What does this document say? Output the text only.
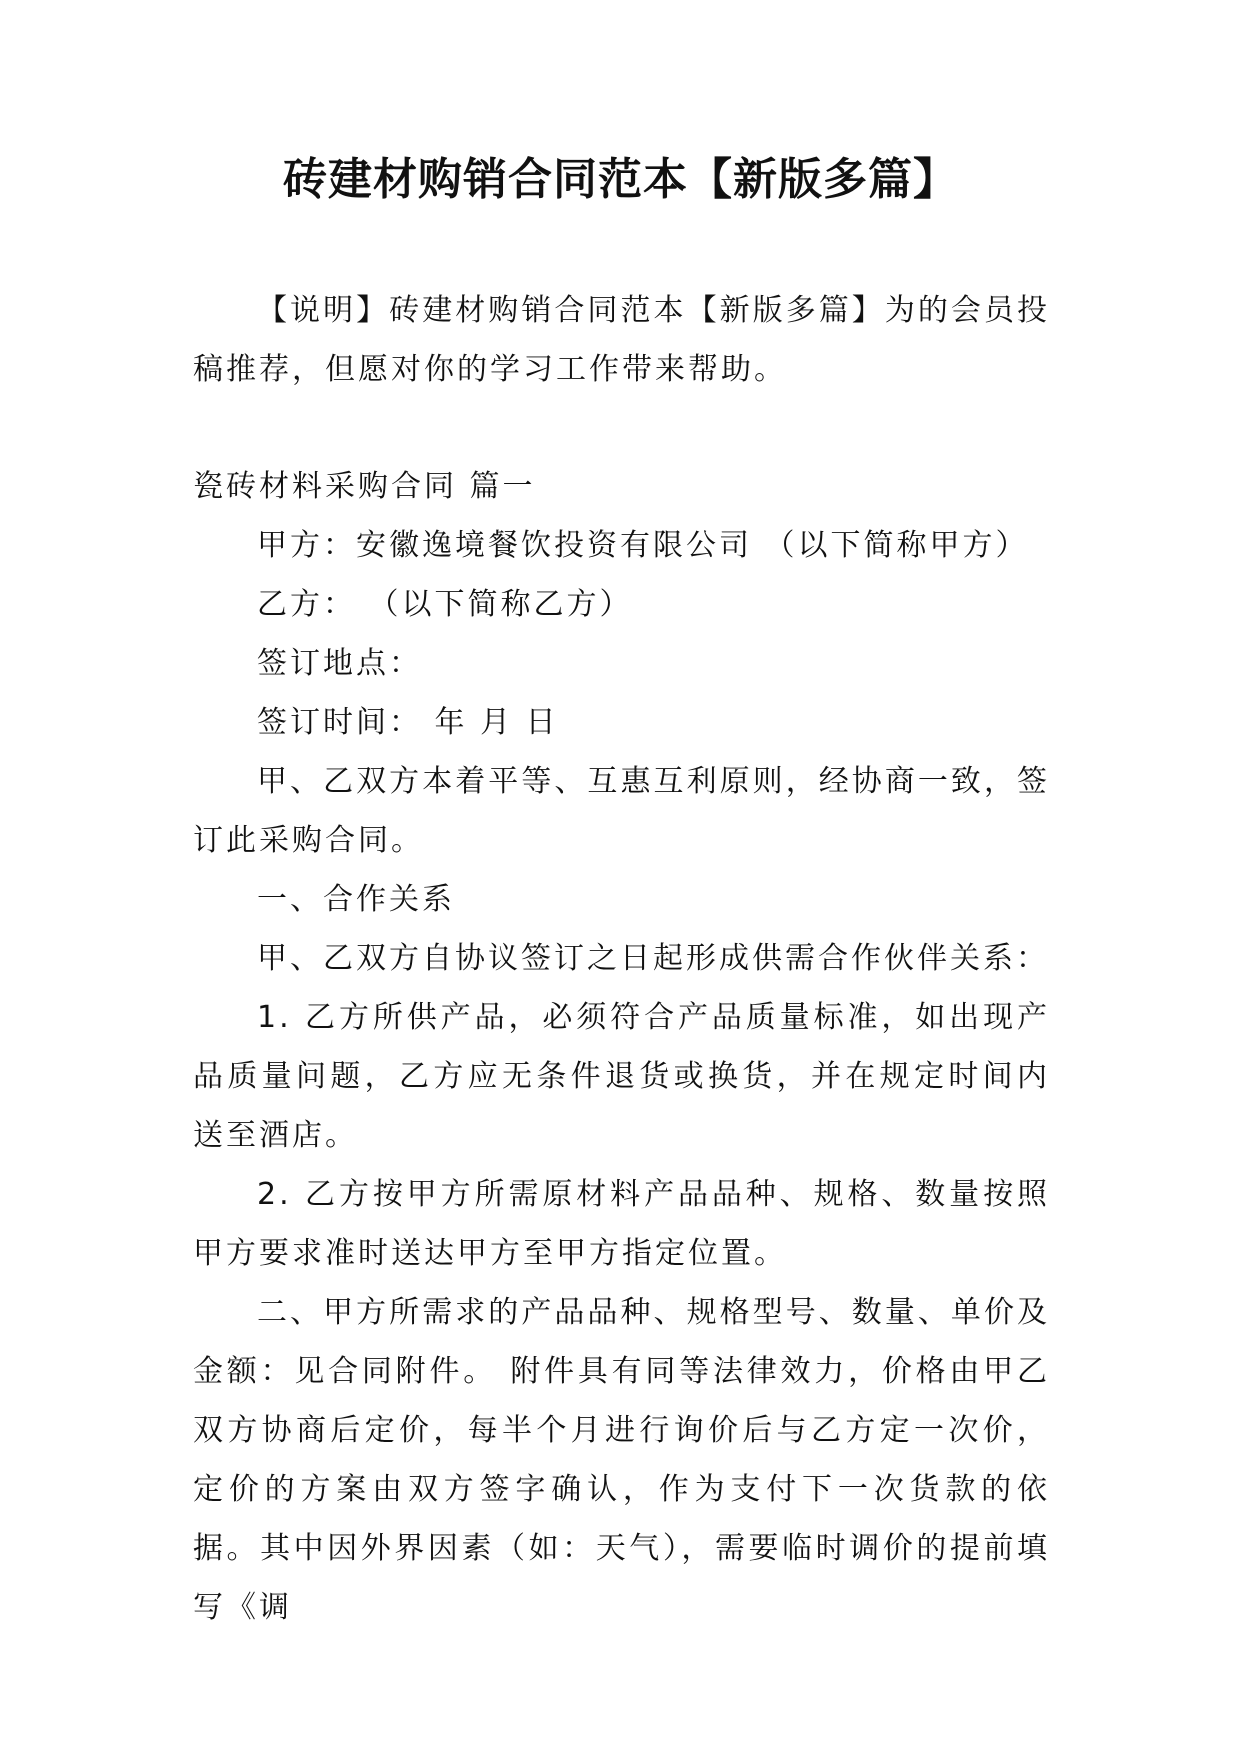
砖建材购销合同范本【新版多篇】

【说明】砖建材购销合同范本【新版多篇】为的会员投稿推荐，但愿对你的学习工作带来帮助。

瓷砖材料采购合同 篇一

甲方：安徽逸境餐饮投资有限公司 （以下简称甲方）

乙方： （以下简称乙方）

签订地点：

签订时间： 年 月 日

甲、乙双方本着平等、互惠互利原则，经协商一致，签订此采购合同。

一、合作关系

甲、乙双方自协议签订之日起形成供需合作伙伴关系：

1. 乙方所供产品，必须符合产品质量标准，如出现产品质量问题，乙方应无条件退货或换货，并在规定时间内送至酒店。

2. 乙方按甲方所需原材料产品品种、规格、数量按照甲方要求准时送达甲方至甲方指定位置。

二、甲方所需求的产品品种、规格型号、数量、单价及金额：见合同附件。 附件具有同等法律效力，价格由甲乙双方协商后定价，每半个月进行询价后与乙方定一次价，定价的方案由双方签字确认，作为支付下一次货款的依据。其中因外界因素（如：天气），需要临时调价的提前填写《调
